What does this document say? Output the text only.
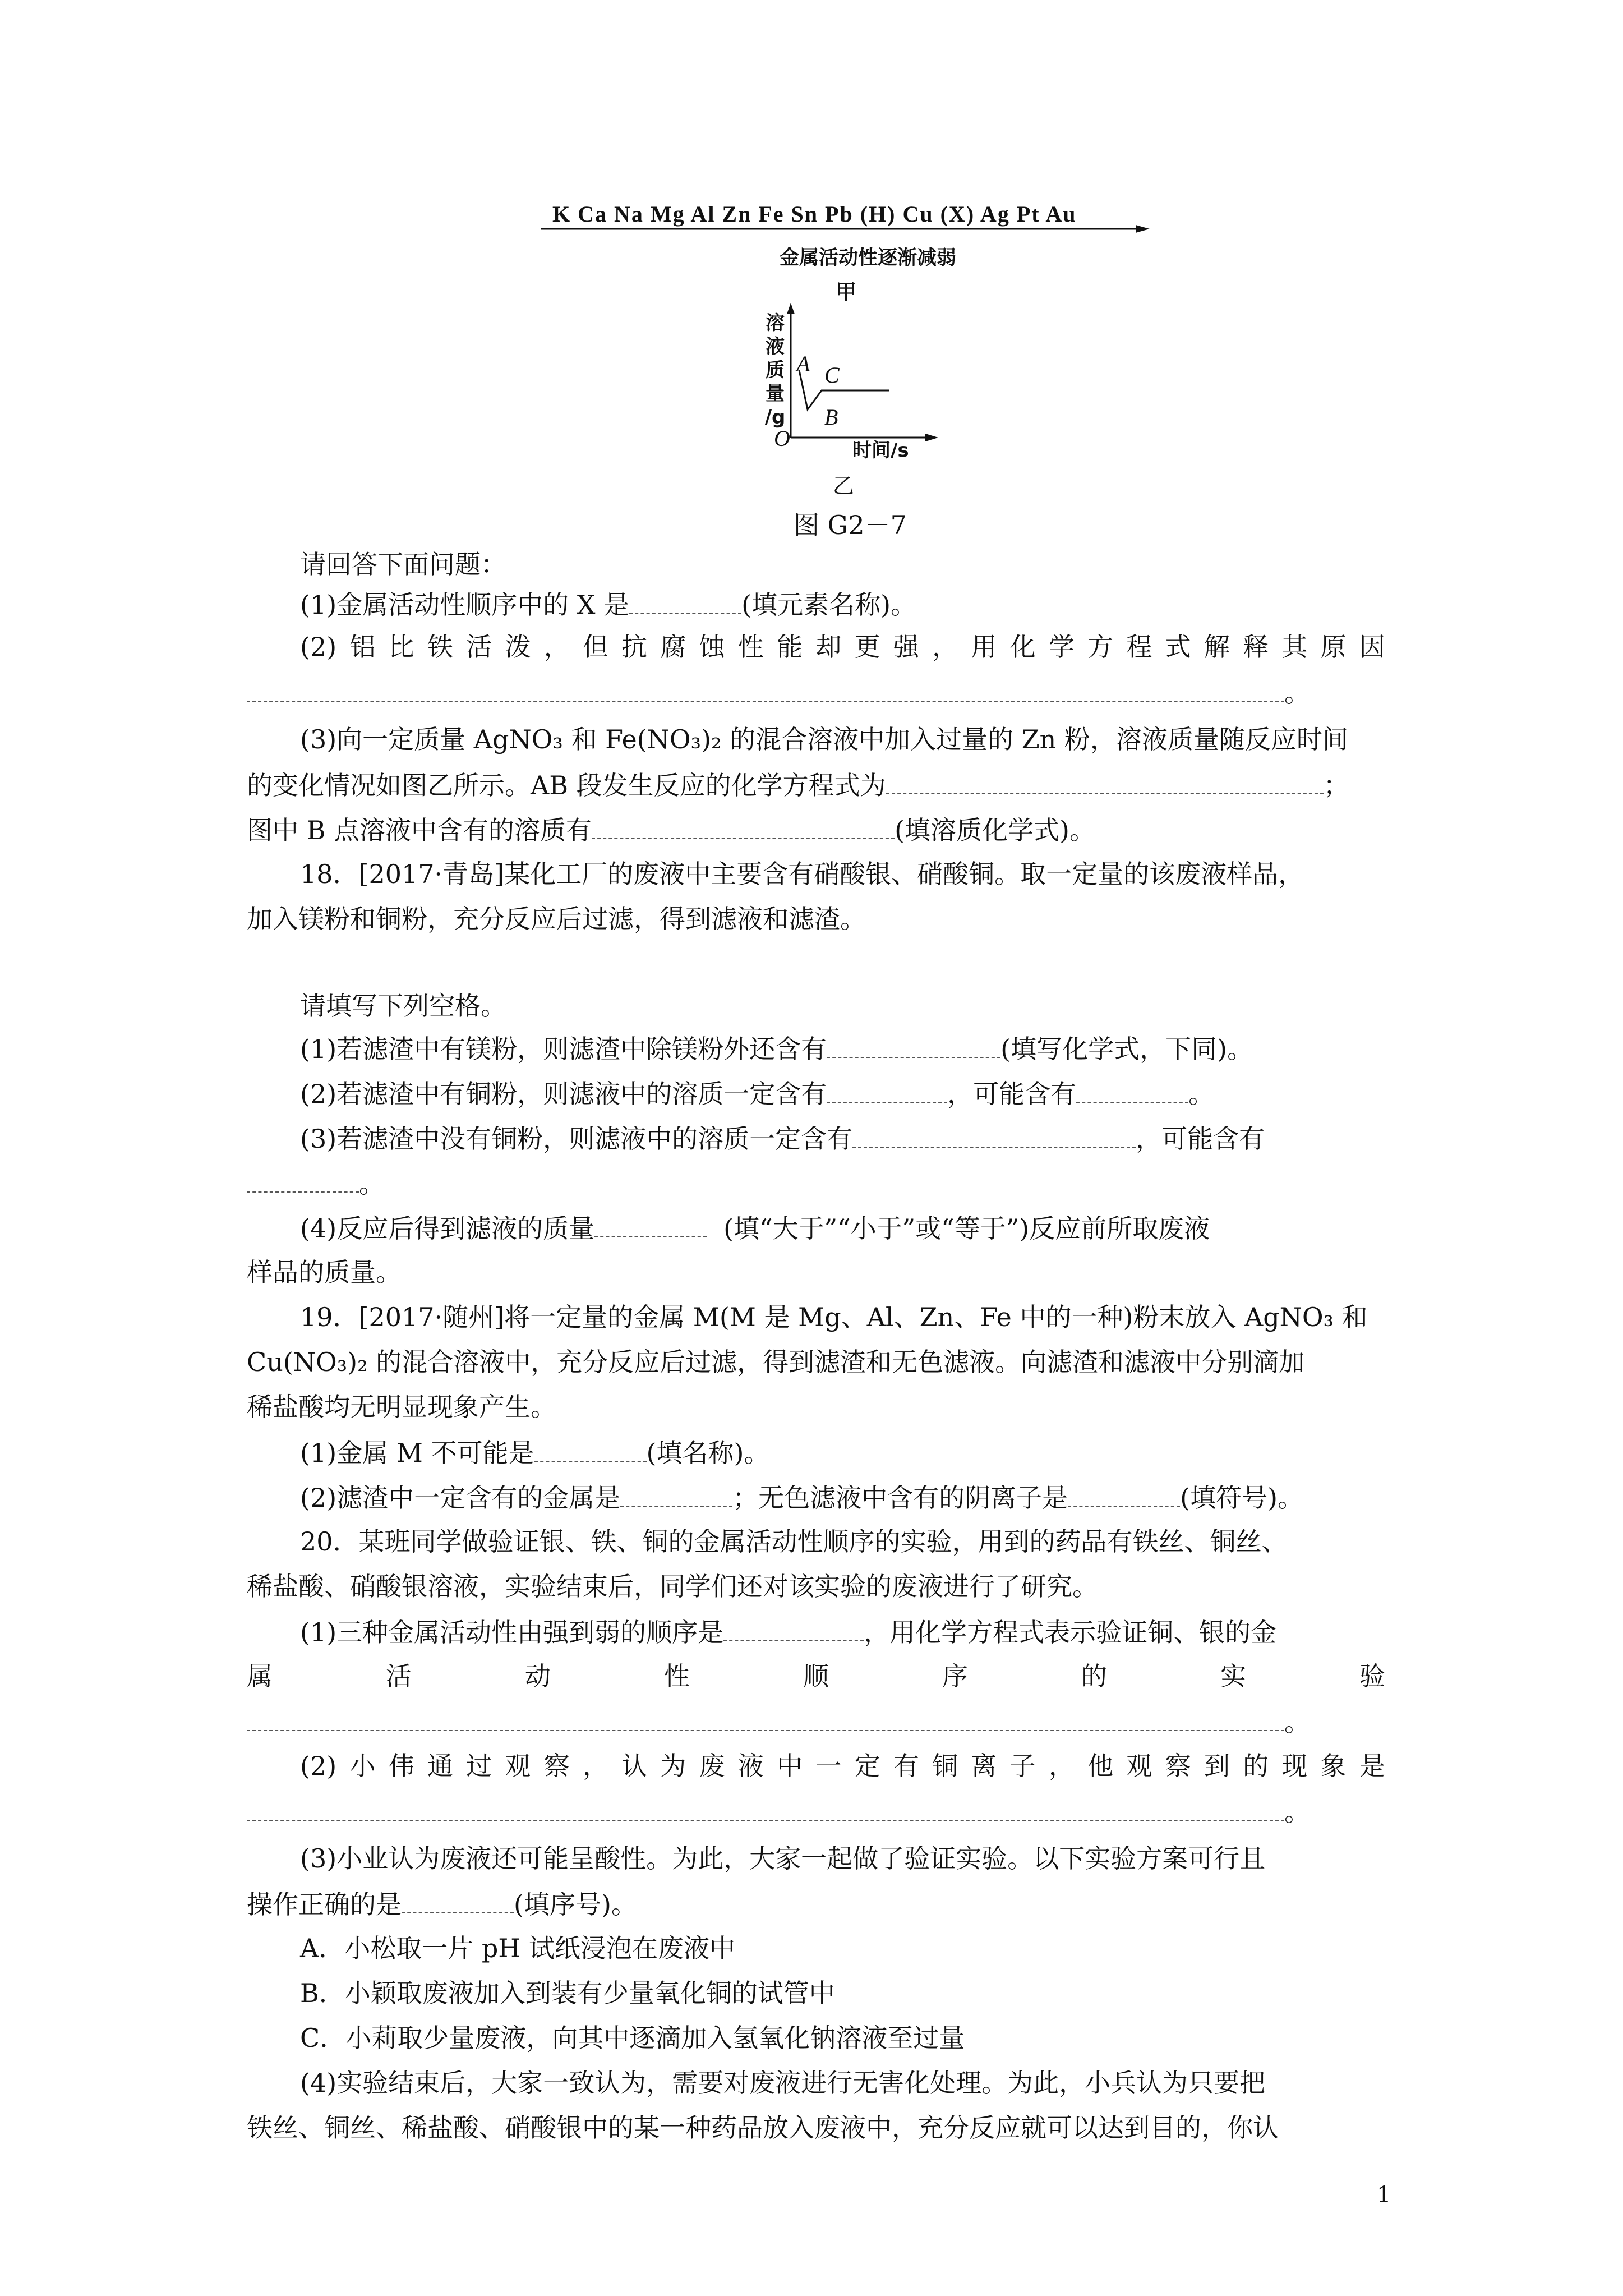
K Ca Na Mg Al Zn Fe Sn Pb (H) Cu (X) Ag Pt Au
金属活动性逐渐减弱
甲
溶
液
质
量
/g
A
B
C
O	时间/s
乙
图 G2－7
请回答下面问题：
(1)金属活动性顺序中的 X 是	(填元素名称)。
(2) 铝 比 铁 活 泼 ， 但 抗 腐 蚀 性 能 却 更 强 ， 用 化 学 方 程 式 解 释 其 原 因
。
(3)向一定质量 AgNO₃ 和 Fe(NO₃)₂ 的混合溶液中加入过量的 Zn 粉，溶液质量随反应时间
的变化情况如图乙所示。AB 段发生反应的化学方程式为	；
图中 B 点溶液中含有的溶质有	(填溶质化学式)。
18．[2017·青岛]某化工厂的废液中主要含有硝酸银、硝酸铜。取一定量的该废液样品，
加入镁粉和铜粉，充分反应后过滤，得到滤液和滤渣。
请填写下列空格。
(1)若滤渣中有镁粉，则滤渣中除镁粉外还含有	(填写化学式，下同)。
(2)若滤渣中有铜粉，则滤液中的溶质一定含有	，可能含有	。
(3)若滤渣中没有铜粉，则滤液中的溶质一定含有	，可能含有
。
(4)反应后得到滤液的质量	(填“大于”“小于”或“等于”)反应前所取废液
样品的质量。
19．[2017·随州]将一定量的金属 M(M 是 Mg、Al、Zn、Fe 中的一种)粉末放入 AgNO₃ 和
Cu(NO₃)₂ 的混合溶液中，充分反应后过滤，得到滤渣和无色滤液。向滤渣和滤液中分别滴加
稀盐酸均无明显现象产生。
(1)金属 M 不可能是	(填名称)。
(2)滤渣中一定含有的金属是	；无色滤液中含有的阴离子是	(填符号)。
20．某班同学做验证银、铁、铜的金属活动性顺序的实验，用到的药品有铁丝、铜丝、
稀盐酸、硝酸银溶液，实验结束后，同学们还对该实验的废液进行了研究。
(1)三种金属活动性由强到弱的顺序是	，用化学方程式表示验证铜、银的金
属	活	动	性	顺	序	的	实	验
。
(2) 小 伟 通 过 观 察 ， 认 为 废 液 中 一 定 有 铜 离 子 ， 他 观 察 到 的 现 象 是
。
(3)小业认为废液还可能呈酸性。为此，大家一起做了验证实验。以下实验方案可行且
操作正确的是	(填序号)。
A．小松取一片 pH 试纸浸泡在废液中
B．小颖取废液加入到装有少量氧化铜的试管中
C．小莉取少量废液，向其中逐滴加入氢氧化钠溶液至过量
(4)实验结束后，大家一致认为，需要对废液进行无害化处理。为此，小兵认为只要把
铁丝、铜丝、稀盐酸、硝酸银中的某一种药品放入废液中，充分反应就可以达到目的，你认
1
